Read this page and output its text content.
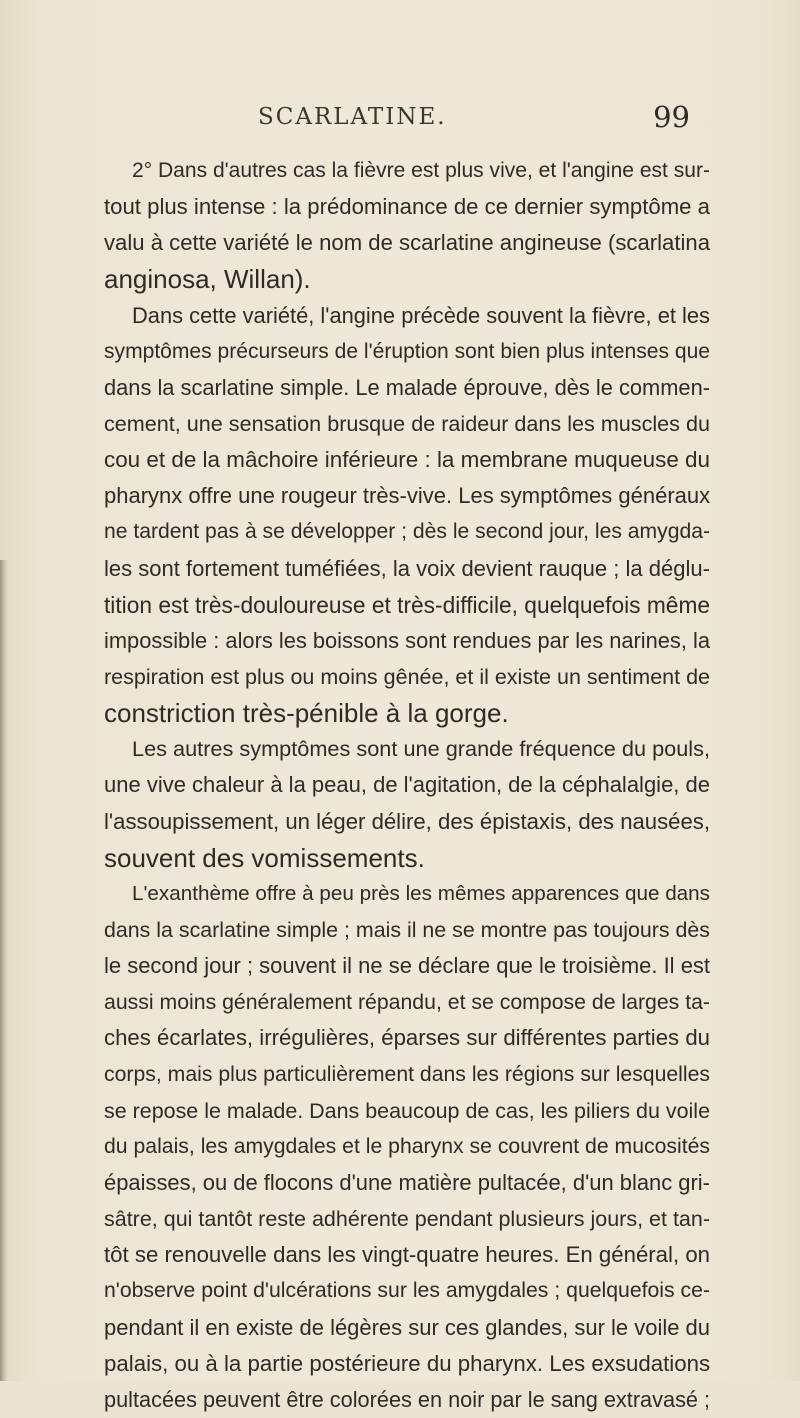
SCARLATINE.	99
2° Dans d'autres cas la fièvre est plus vive, et l'angine est sur-
tout plus intense : la prédominance de ce dernier symptôme a
valu à cette variété le nom de scarlatine angineuse (scarlatina
anginosa, Willan).
Dans cette variété, l'angine précède souvent la fièvre, et les
symptômes précurseurs de l'éruption sont bien plus intenses que
dans la scarlatine simple. Le malade éprouve, dès le commen-
cement, une sensation brusque de raideur dans les muscles du
cou et de la mâchoire inférieure : la membrane muqueuse du
pharynx offre une rougeur très-vive. Les symptômes généraux
ne tardent pas à se développer ; dès le second jour, les amygda-
les sont fortement tuméfiées, la voix devient rauque ; la déglu-
tition est très-douloureuse et très-difficile, quelquefois même
impossible : alors les boissons sont rendues par les narines, la
respiration est plus ou moins gênée, et il existe un sentiment de
constriction très-pénible à la gorge.
Les autres symptômes sont une grande fréquence du pouls,
une vive chaleur à la peau, de l'agitation, de la céphalalgie, de
l'assoupissement, un léger délire, des épistaxis, des nausées,
souvent des vomissements.
L'exanthème offre à peu près les mêmes apparences que dans
dans la scarlatine simple ; mais il ne se montre pas toujours dès
le second jour ; souvent il ne se déclare que le troisième. Il est
aussi moins généralement répandu, et se compose de larges ta-
ches écarlates, irrégulières, éparses sur différentes parties du
corps, mais plus particulièrement dans les régions sur lesquelles
se repose le malade. Dans beaucoup de cas, les piliers du voile
du palais, les amygdales et le pharynx se couvrent de mucosités
épaisses, ou de flocons d'une matière pultacée, d'un blanc gri-
sâtre, qui tantôt reste adhérente pendant plusieurs jours, et tan-
tôt se renouvelle dans les vingt-quatre heures. En général, on
n'observe point d'ulcérations sur les amygdales ; quelquefois ce-
pendant il en existe de légères sur ces glandes, sur le voile du
palais, ou à la partie postérieure du pharynx. Les exsudations
pultacées peuvent être colorées en noir par le sang extravasé ;
